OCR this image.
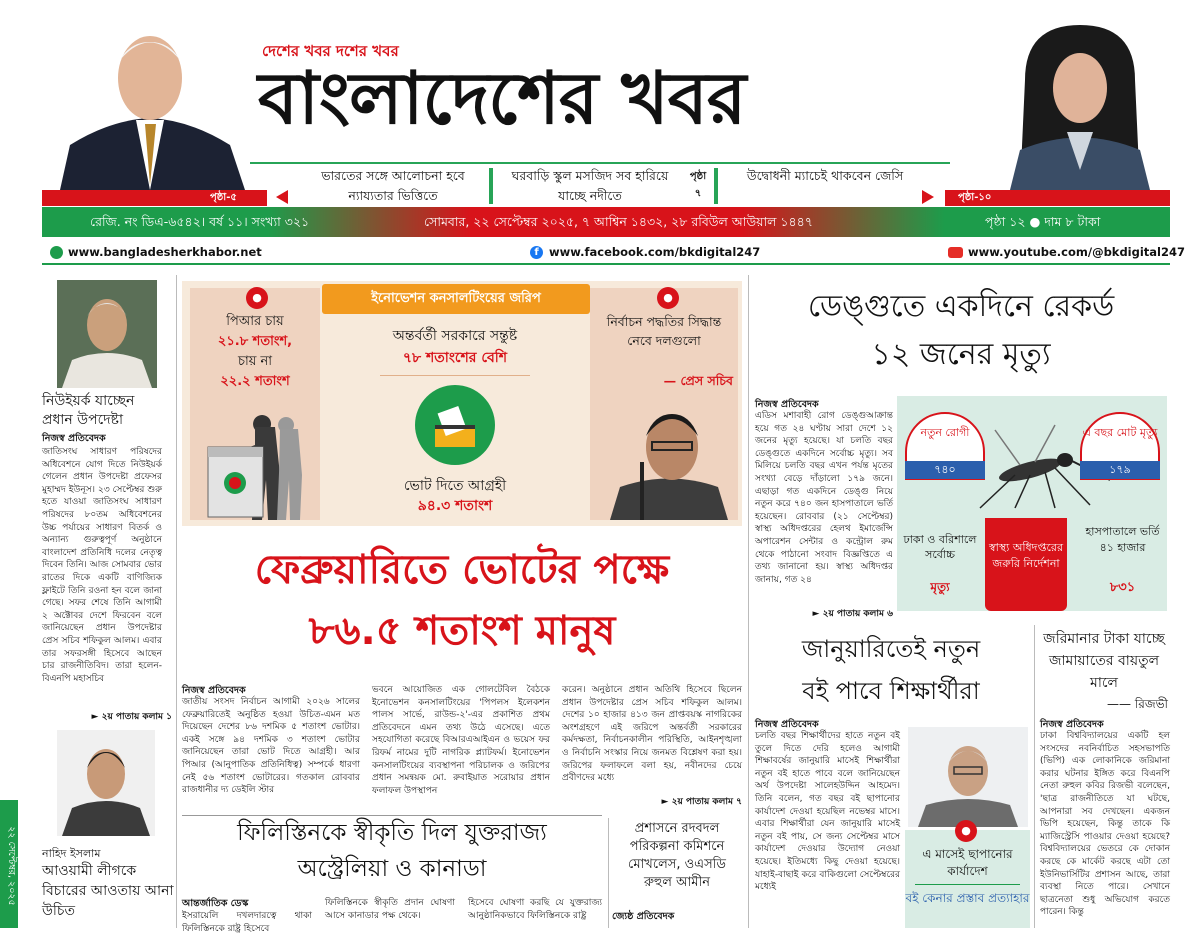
দেশের খবর দশের খবর
বাংলাদেশের খবর
ভারতের সঙ্গে আলোচনা হবে ন্যায্যতার ভিত্তিতে
ঘরবাড়ি স্কুল মসজিদ সব হারিয়ে যাচ্ছে নদীতে
পৃষ্ঠা ৭
উদ্বোধনী ম্যাচেই থাকবেন জেসি
পৃষ্ঠা-৫	পৃষ্ঠা-১০
রেজি. নং ডিএ-৬৫৪২। বর্ষ ১১। সংখ্যা ৩২১	সোমবার, ২২ সেপ্টেম্বর ২০২৫, ৭ আশ্বিন ১৪৩২, ২৮ রবিউল আউয়াল ১৪৪৭	পৃষ্ঠা ১২ ● দাম ৮ টাকা
www.bangladesherkhabor.net	f www.facebook.com/bkdigital247	www.youtube.com/@bkdigital247
নিউইয়র্ক যাচ্ছেন প্রধান উপদেষ্টা
নিজস্ব প্রতিবেদক
জাতিসংঘ সাধারণ পরিষদের অধিবেশনে যোগ দিতে নিউইয়র্ক গেলেন প্রধান উপদেষ্টা প্রফেসর মুহাম্মদ ইউনূস। ২৩ সেপ্টেম্বর শুরু হতে যাওয়া জাতিসংঘ সাধারণ পরিষদের ৮০তম অধিবেশনের উচ্চ পর্যায়ের সাধারণ বিতর্ক ও অন্যান্য গুরুত্বপূর্ণ অনুষ্ঠানে বাংলাদেশ প্রতিনিধি দলের নেতৃত্ব দিবেন তিনি। আজ সোমবার ভোর রাতের দিকে একটি বাণিজ্যিক ফ্লাইটে তিনি রওনা হন বলে জানা গেছে। সফর শেষে তিনি আগামী ২ অক্টোবর দেশে ফিরবেন বলে জানিয়েছেন প্রধান উপদেষ্টার প্রেস সচিব শফিকুল আলম। এবার তার সফরসঙ্গী হিসেবে আছেন চার রাজনীতিবিদ। তারা হলেন- বিএনপি মহাসচিব
► ২য় পাতায় কলাম ১
নাহিদ ইসলাম
আওয়ামী লীগকে বিচারের আওতায় আনা উচিত
২২ সেপ্টেম্বর, ২০২৫
ইনোভেশন কনসালটিংয়ের জরিপ
●
পিআর চায়
২১.৮ শতাংশ,
চায় না
২২.২ শতাংশ
অন্তর্বর্তী সরকারে সন্তুষ্ট
৭৮ শতাংশের বেশি
ভোট দিতে আগ্রহী
৯৪.৩ শতাংশ
●
নির্বাচন পদ্ধতির সিদ্ধান্ত নেবে দলগুলো
— প্রেস সচিব
ফেব্রুয়ারিতে ভোটের পক্ষে
৮৬.৫ শতাংশ মানুষ
নিজস্ব প্রতিবেদক
জাতীয় সংসদ নির্বাচন আগামী ২০২৬ সালের ফেব্রুয়ারিতেই অনুষ্ঠিত হওয়া উচিত-এমন মত দিয়েছেন দেশের ৮৬ দশমিক ৫ শতাংশ ভোটার। একই সঙ্গে ৯৪ দশমিক ৩ শতাংশ ভোটার জানিয়েছেন তারা ভোট দিতে আগ্রহী। আর পিআর (আনুপাতিক প্রতিনিধিত্ব) সম্পর্কে ধারণা নেই ৫৬ শতাংশ ভোটারের। গতকাল রোববার রাজধানীর দ্য ডেইলি স্টার
ভবনে আয়োজিত এক গোলটেবিল বৈঠকে ইনোভেশন কনসালটিংয়ের 'পিপলস ইলেকশন পালস সার্ভে, রাউন্ড-২'-এর প্রকাশিত প্রথম প্রতিবেদনে এমন তথ্য উঠে এসেছে। এতে সহযোগিতা করেছে বিআরএআইএন ও ভয়েস ফর রিফর্ম নামের দুটি নাগরিক প্ল্যাটফর্ম। ইনোভেশন কনসালটিংয়ের ব্যবস্থাপনা পরিচালক ও জরিপের প্রধান সমন্বয়ক মো. রুবাইয়াত সরোয়ার প্রধান ফলাফল উপস্থাপন
করেন। অনুষ্ঠানে প্রধান অতিথি হিসেবে ছিলেন প্রধান উপদেষ্টার প্রেস সচিব শফিকুল আলম। দেশের ১০ হাজার ৪১৩ জন প্রাপ্তবয়স্ক নাগরিকের অংশগ্রহণে এই জরিপে অন্তর্বর্তী সরকারের কর্মদক্ষতা, নির্বাচনকালীন পরিস্থিতি, আইনশৃঙ্খলা ও নির্বাচনি সংস্কার নিয়ে জনমত বিশ্লেষণ করা হয়। জরিপের ফলাফলে বলা হয়, নবীনদের চেয়ে প্রবীণদের মধ্যে
► ২য় পাতায় কলাম ৭
ফিলিস্তিনকে স্বীকৃতি দিল যুক্তরাজ্য
অস্ট্রেলিয়া ও কানাডা
আন্তর্জাতিক ডেস্ক
ইসরায়েলি দখলদারত্বে থাকা ফিলিস্তিনকে রাষ্ট্র হিসেবে
ফিলিস্তিনকে স্বীকৃতি প্রদান ঘোষণা আসে কানাডার পক্ষ থেকে।
হিসেবে ঘোষণা করছি যে যুক্তরাজ্য আনুষ্ঠানিকভাবে ফিলিস্তিনকে রাষ্ট্র
প্রশাসনে রদবদল
পরিকল্পনা কমিশনে
মোখলেস, ওএসডি
রুহুল আমীন
জ্যেষ্ঠ প্রতিবেদক
ডেঙ্গুতে একদিনে রেকর্ড
১২ জনের মৃত্যু
নিজস্ব প্রতিবেদক
এডিস মশাবাহী রোগ ডেঙ্গুআক্রান্ত হয়ে গত ২৪ ঘণ্টায় সারা দেশে ১২ জনের মৃত্যু হয়েছে। যা চলতি বছর ডেঙ্গুতে একদিনে সর্বোচ্চ মৃত্যু। সব মিলিয়ে চলতি বছর এখন পর্যন্ত মৃতের সংখ্যা বেড়ে দাঁড়ালো ১৭৯ জনে। এছাড়া গত একদিনে ডেঙ্গু নিয়ে নতুন করে ৭৪০ জন হাসপাতালে ভর্তি হয়েছেন। রোববার (২১ সেপ্টেম্বর) স্বাস্থ্য অধিদপ্তরের হেলথ ইমার্জেন্সি অপারেশন সেন্টার ও কন্ট্রোল রুম থেকে পাঠানো সংবাদ বিজ্ঞপ্তিতে এ তথ্য জানানো হয়। স্বাস্থ্য অধিদপ্তর জানায়, গত ২৪
► ২য় পাতায় কলাম ৬
নতুন রোগী
৭৪০
এ বছর মোট মৃত্যু
১৭৯
ঢাকা ও বরিশালে সর্বোচ্চ
মৃত্যু
স্বাস্থ্য অধিদপ্তরের জরুরি নির্দেশনা
হাসপাতালে ভর্তি ৪১ হাজার
৮৩১
জানুয়ারিতেই নতুন
বই পাবে শিক্ষার্থীরা
নিজস্ব প্রতিবেদক
চলতি বছর শিক্ষার্থীদের হাতে নতুন বই তুলে দিতে দেরি হলেও আগামী শিক্ষাবর্ষের জানুয়ারি মাসেই শিক্ষার্থীরা নতুন বই হাতে পাবে বলে জানিয়েছেন অর্থ উপদেষ্টা সালেহউদ্দিন আহমেদ। তিনি বলেন, গত বছর বই ছাপানোর কার্যাদেশ দেওয়া হয়েছিল নভেম্বর মাসে। এবার শিক্ষার্থীরা যেন জানুয়ারি মাসেই নতুন বই পায়, সে জন্য সেপ্টেম্বর মাসে কার্যাদেশ দেওয়ার উদ্যোগ নেওয়া হয়েছে। ইতিমধ্যে কিছু দেওয়া হয়েছে। যাহাই-বাছাই করে বাকিগুলো সেপ্টেম্বরের মধ্যেই
●
এ মাসেই ছাপানোর কার্যাদেশ
বই কেনার প্রস্তাব প্রত্যাহার
জরিমানার টাকা যাচ্ছে জামায়াতের বায়তুল মালে
—— রিজভী
নিজস্ব প্রতিবেদক
ঢাকা বিশ্ববিদ্যালয়ের একটি হল সংসদের নবনির্বাচিত সহসভাপতি (ভিপি) এক লোকানিকে জরিমানা করার ঘটনার ইঙ্গিত করে বিএনপি নেতা রুহুল কবির রিজভী বলেছেন, 'ছাত্র রাজনীতিতে যা ঘটছে, আপনারা সব দেখছেন। একজন ভিপি হয়েছেন, কিন্তু তাকে কি ম্যাজিস্ট্রেসি পাওয়ার দেওয়া হয়েছে? বিশ্ববিদ্যালয়ের ভেতরে কে দোকান করছে কে মার্কেট করছে এটা তো ইউনিভার্সিটির প্রশাসন আছে, তারা ব্যবস্থা নিতে পারে। সেখানে ছাত্রনেতা শুধু অভিযোগ করতে পারেন। কিন্তু
